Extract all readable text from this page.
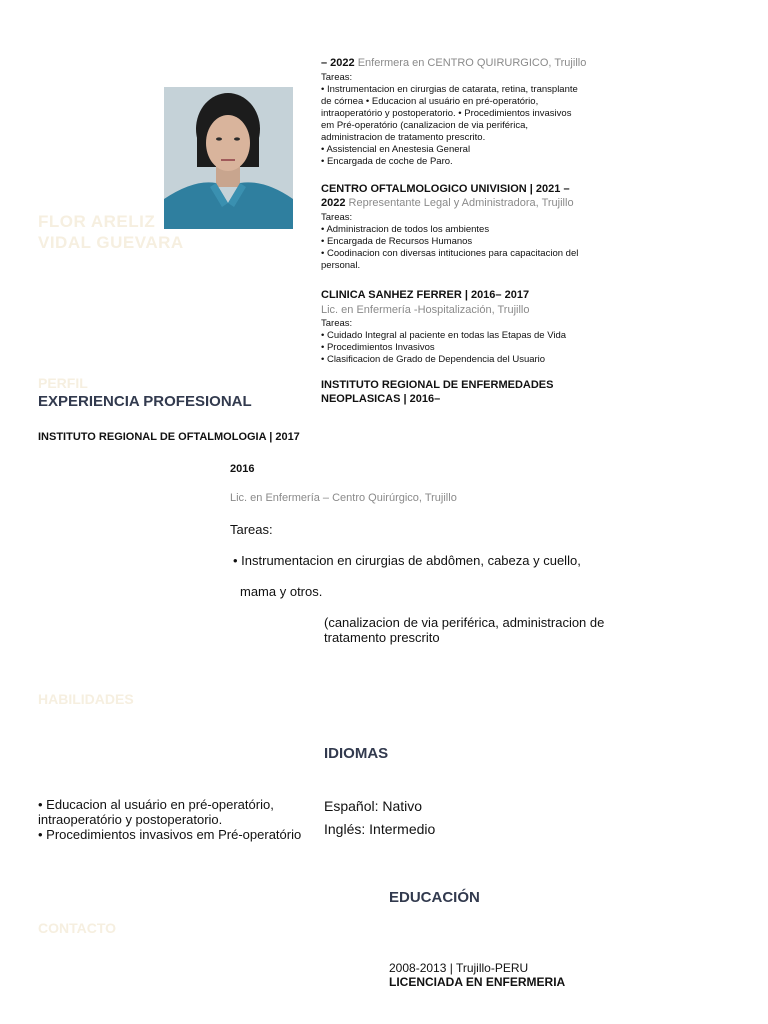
FLOR ARELIZ
VIDAL GUEVARA
– 2022 Enfermera en CENTRO QUIRURGICO, Trujillo
Tareas:
• Instrumentacion en cirurgias de catarata, retina, transplante
de córnea • Educacion al usuário en pré-operatório,
intraoperatório y postoperatorio. • Procedimientos invasivos
em Pré-operatório (canalizacion de via periférica,
administracion de tratamento prescrito.
• Assistencial en Anestesia General
• Encargada de coche de Paro.
CENTRO OFTALMOLOGICO UNIVISION | 2021 –
2022 Representante Legal y Administradora, Trujillo
Tareas:
• Administracion de todos los ambientes
• Encargada de Recursos Humanos
• Coodinacion con diversas intituciones para capacitacion del
personal.
CLINICA SANHEZ FERRER | 2016– 2017
Lic. en Enfermería -Hospitalización, Trujillo
Tareas:
• Cuidado Integral al paciente en todas las Etapas de Vida
• Procedimientos Invasivos
• Clasificacion de Grado de Dependencia del Usuario
INSTITUTO REGIONAL DE ENFERMEDADES
NEOPLASICAS | 2016–
PERFIL
EXPERIENCIA PROFESIONAL
INSTITUTO REGIONAL DE OFTALMOLOGIA | 2017
2016
Lic. en Enfermería – Centro Quirúrgico, Trujillo
Tareas:
• Instrumentacion en cirurgias de abdômen, cabeza y cuello,
mama y otros.
(canalizacion de via periférica, administracion de
tratamento prescrito
HABILIDADES
• Educacion al usuário en pré-operatório,
intraoperatório y postoperatorio.
• Procedimientos invasivos em Pré-operatório
IDIOMAS
Español: Nativo
Inglés: Intermedio
EDUCACIÓN
CONTACTO
2008-2013 | Trujillo-PERU
LICENCIADA EN ENFERMERIA
